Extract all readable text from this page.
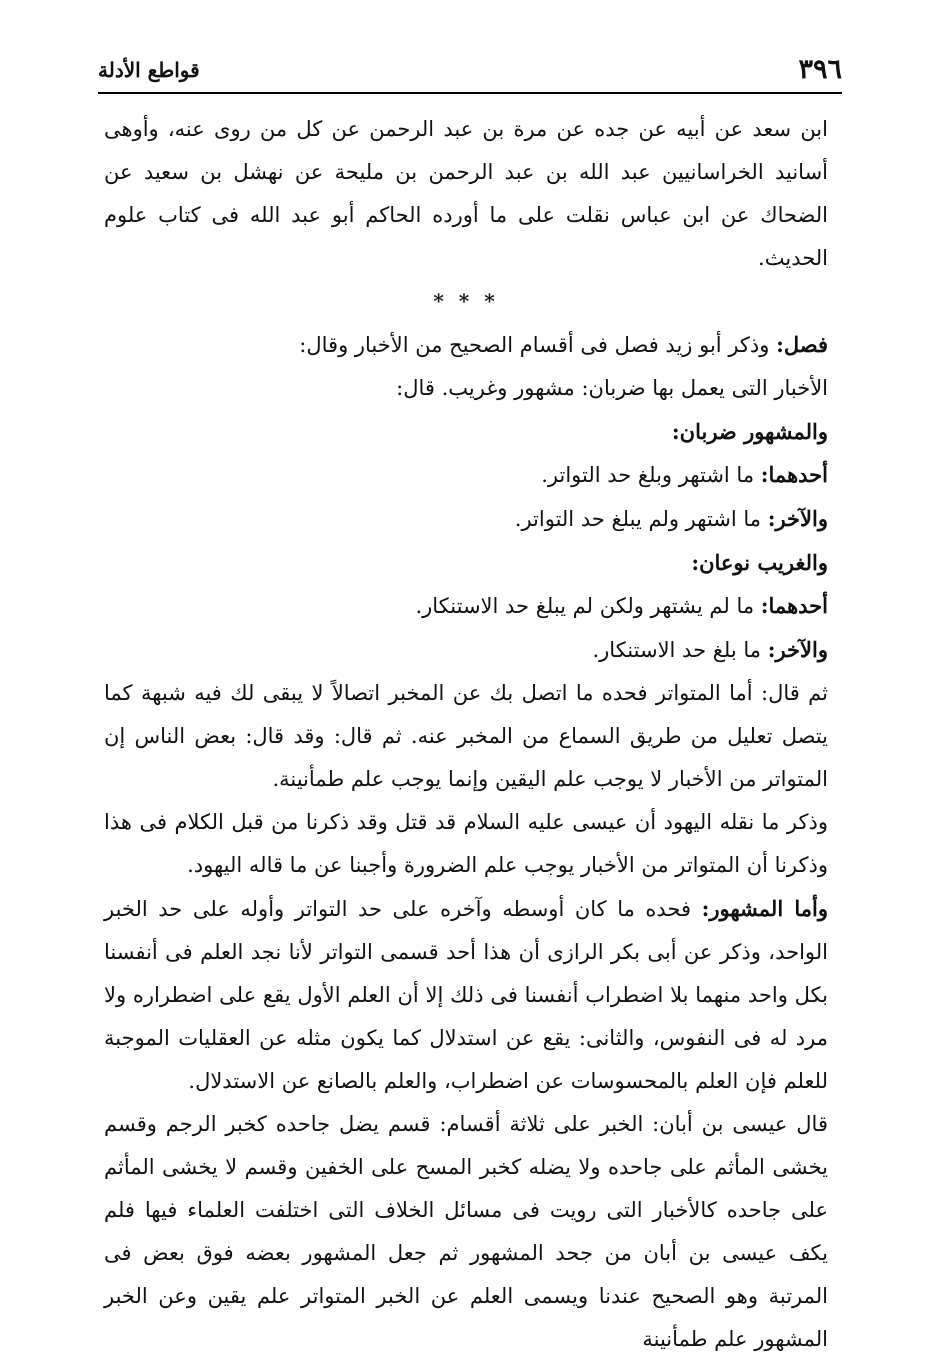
٣٩٦
قواطع الأدلة

ابن سعد عن أبيه عن جده عن مرة بن عبد الرحمن عن كل من روى عنه، وأوهى أسانيد الخراسانيين عبد الله بن عبد الرحمن بن مليحة عن نهشل بن سعيد عن الضحاك عن ابن عباس نقلت على ما أورده الحاكم أبو عبد الله فى كتاب علوم الحديث.

* * *

فصل: وذكر أبو زيد فصل فى أقسام الصحيح من الأخبار وقال:

الأخبار التى يعمل بها ضربان: مشهور وغريب. قال:

والمشهور ضربان:

أحدهما: ما اشتهر وبلغ حد التواتر.

والآخر: ما اشتهر ولم يبلغ حد التواتر.

والغريب نوعان:

أحدهما: ما لم يشتهر ولكن لم يبلغ حد الاستنكار.

والآخر: ما بلغ حد الاستنكار.

ثم قال: أما المتواتر فحده ما اتصل بك عن المخبر اتصالاً لا يبقى لك فيه شبهة كما يتصل تعليل من طريق السماع من المخبر عنه. ثم قال: وقد قال: بعض الناس إن المتواتر من الأخبار لا يوجب علم اليقين وإنما يوجب علم طمأنينة.

وذكر ما نقله اليهود أن عيسى عليه السلام قد قتل وقد ذكرنا من قبل الكلام فى هذا وذكرنا أن المتواتر من الأخبار يوجب علم الضرورة وأجبنا عن ما قاله اليهود.

وأما المشهور: فحده ما كان أوسطه وآخره على حد التواتر وأوله على حد الخبر الواحد، وذكر عن أبى بكر الرازى أن هذا أحد قسمى التواتر لأنا نجد العلم فى أنفسنا بكل واحد منهما بلا اضطراب أنفسنا فى ذلك إلا أن العلم الأول يقع على اضطراره ولا مرد له فى النفوس، والثانى: يقع عن استدلال كما يكون مثله عن العقليات الموجبة للعلم فإن العلم بالمحسوسات عن اضطراب، والعلم بالصانع عن الاستدلال.

قال عيسى بن أبان: الخبر على ثلاثة أقسام: قسم يضل جاحده كخبر الرجم وقسم يخشى المأثم على جاحده ولا يضله كخبر المسح على الخفين وقسم لا يخشى المأثم على جاحده كالأخبار التى رويت فى مسائل الخلاف التى اختلفت العلماء فيها فلم يكف عيسى بن أبان من جحد المشهور ثم جعل المشهور بعضه فوق بعض فى المرتبة وهو الصحيح عندنا ويسمى العلم عن الخبر المتواتر علم يقين وعن الخبر المشهور علم طمأنينة
